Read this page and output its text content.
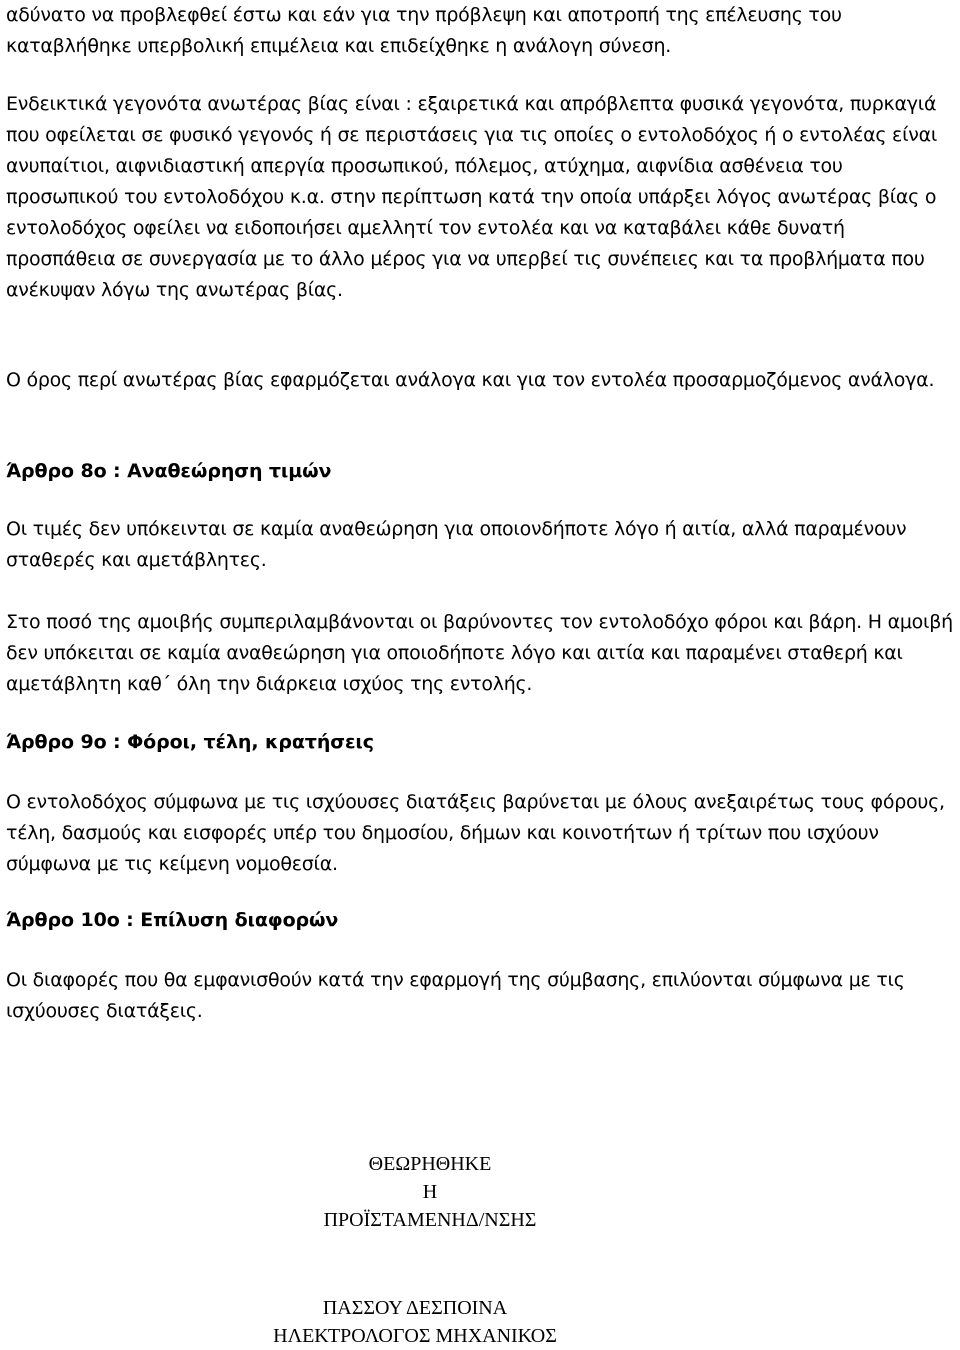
αδύνατο να προβλεφθεί έστω και εάν για την πρόβλεψη και αποτροπή της επέλευσης του καταβλήθηκε υπερβολική επιμέλεια και επιδείχθηκε η ανάλογη σύνεση.

Ενδεικτικά γεγονότα ανωτέρας βίας είναι : εξαιρετικά και απρόβλεπτα φυσικά γεγονότα, πυρκαγιά που οφείλεται σε φυσικό γεγονός ή σε περιστάσεις για τις οποίες ο εντολοδόχος ή ο εντολέας είναι ανυπαίτιοι, αιφνιδιαστική απεργία προσωπικού, πόλεμος, ατύχημα, αιφνίδια ασθένεια του προσωπικού του εντολοδόχου κ.α. στην περίπτωση κατά την οποία υπάρξει λόγος ανωτέρας βίας ο εντολοδόχος οφείλει να ειδοποιήσει αμελλητί τον εντολέα και να καταβάλει κάθε δυνατή προσπάθεια σε συνεργασία με το άλλο μέρος για να υπερβεί τις συνέπειες και τα προβλήματα που ανέκυψαν λόγω της ανωτέρας βίας.

Ο όρος περί ανωτέρας βίας εφαρμόζεται ανάλογα και για τον εντολέα προσαρμοζόμενος ανάλογα.

Άρθρο 8ο : Αναθεώρηση τιμών

Οι τιμές δεν υπόκεινται σε καμία αναθεώρηση για οποιονδήποτε λόγο ή αιτία, αλλά παραμένουν σταθερές και αμετάβλητες.

Στο ποσό της αμοιβής συμπεριλαμβάνονται οι βαρύνοντες τον εντολοδόχο φόροι και βάρη. Η αμοιβή δεν υπόκειται σε καμία αναθεώρηση για οποιοδήποτε λόγο και αιτία και παραμένει σταθερή και αμετάβλητη καθ΄ όλη την διάρκεια ισχύος της εντολής.

Άρθρο 9ο : Φόροι, τέλη, κρατήσεις

Ο εντολοδόχος σύμφωνα με τις ισχύουσες διατάξεις βαρύνεται με όλους ανεξαιρέτως τους φόρους, τέλη, δασμούς και εισφορές υπέρ του δημοσίου, δήμων και κοινοτήτων ή τρίτων που ισχύουν σύμφωνα με τις κείμενη νομοθεσία.

Άρθρο 10ο : Επίλυση διαφορών

Οι διαφορές που θα εμφανισθούν κατά την εφαρμογή της σύμβασης, επιλύονται σύμφωνα με τις ισχύουσες διατάξεις.

ΘΕΩΡΗΘΗΚΕ
Η
ΠΡΟΪΣΤΑΜΕΝΗΔ/ΝΣΗΣ
ΠΑΣΣΟΥ ΔΕΣΠΟΙΝΑ
ΗΛΕΚΤΡΟΛΟΓΟΣ ΜΗΧΑΝΙΚΟΣ
